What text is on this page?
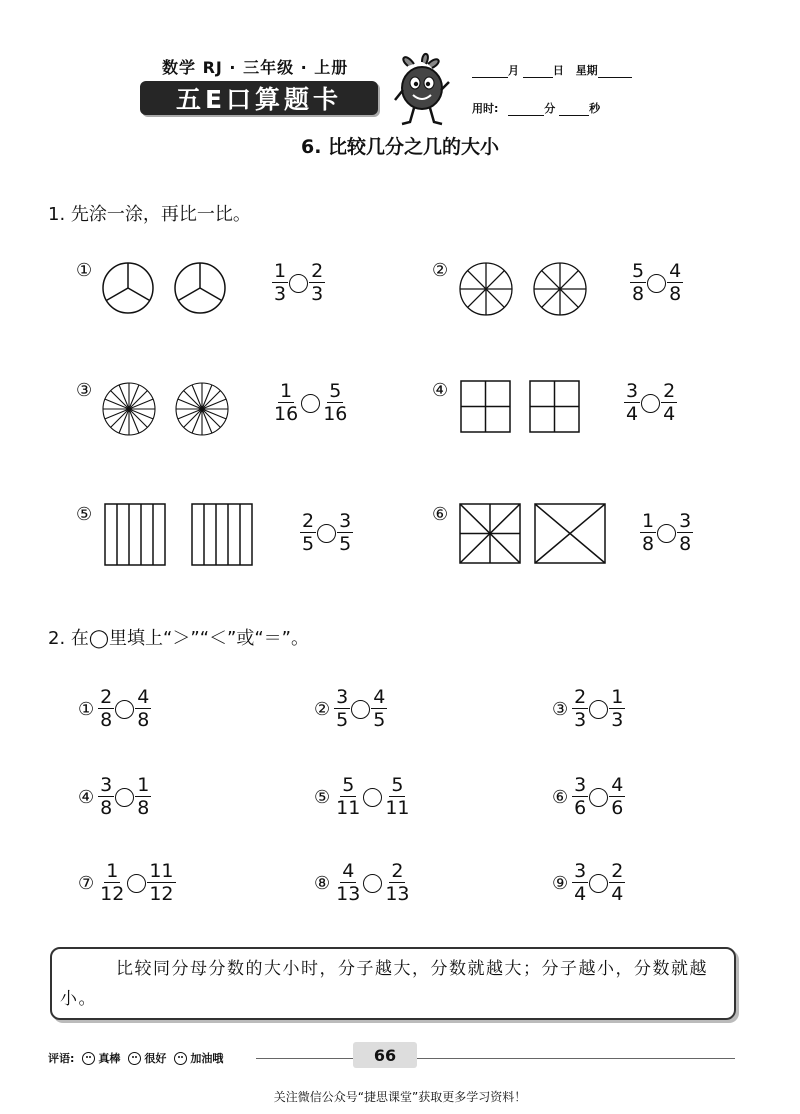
数学 RJ · 三年级 · 上册
五E口算题卡
月	日 星期
用时:	分	秒
6. 比较几分之几的大小
1. 先涂一涂，再比一比。
①	$\frac{1}{3} \frac{2}{3}$	②	$\frac{5}{8} \frac{4}{8}$
③	$\frac{1}{16} \frac{5}{16}$	④	$\frac{3}{4} \frac{2}{4}$
⑤	$\frac{2}{5} \frac{3}{5}$	⑥	$\frac{1}{8} \frac{3}{8}$
2. 在◯里填上“＞”“＜”或“＝”。
① $\frac{2}{8} \frac{4}{8}$	② $\frac{3}{5} \frac{4}{5}$	③ $\frac{2}{3} \frac{1}{3}$
④ $\frac{3}{8} \frac{1}{8}$	⑤ $\frac{5}{11} \frac{5}{11}$	⑥ $\frac{3}{6} \frac{4}{6}$
⑦ $\frac{1}{12} \frac{11}{12}$	⑧ $\frac{4}{13} \frac{2}{13}$	⑨ $\frac{3}{4} \frac{2}{4}$
比较同分母分数的大小时，分子越大，分数就越大；分子越小，分数就越小。
评语: 真棒 很好 加油哦	66
关注微信公众号“捷思课堂”获取更多学习资料！
